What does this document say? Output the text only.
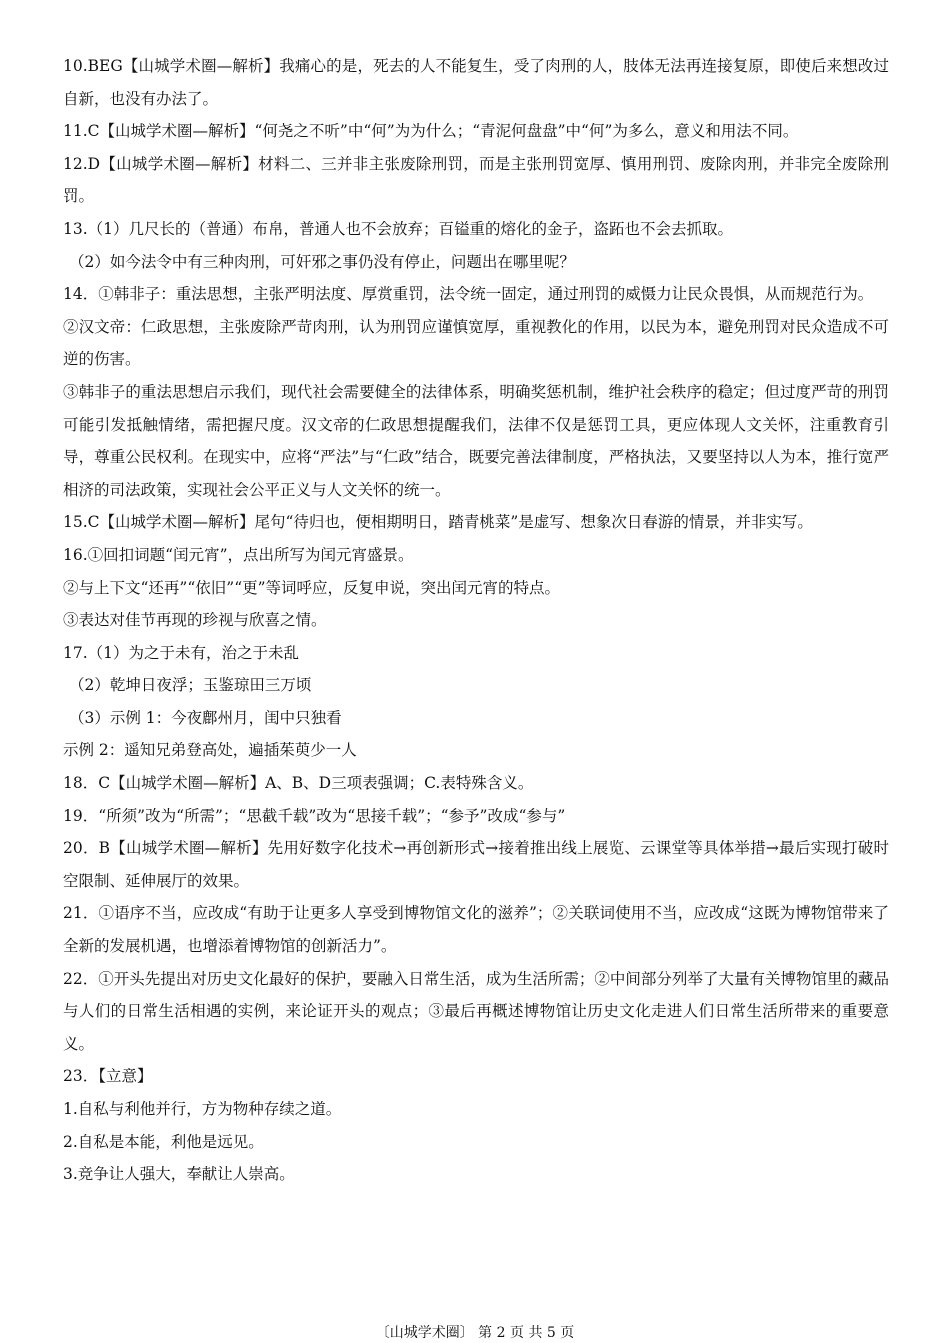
10.BEG【山城学术圈—解析】我痛心的是，死去的人不能复生，受了肉刑的人，肢体无法再连接复原，即使后来想改过自新，也没有办法了。

11.C【山城学术圈—解析】“何尧之不听”中“何”为为什么；“青泥何盘盘”中“何”为多么，意义和用法不同。

12.D【山城学术圈—解析】材料二、三并非主张废除刑罚，而是主张刑罚宽厚、慎用刑罚、废除肉刑，并非完全废除刑罚。

13.（1）几尺长的（普通）布帛，普通人也不会放弃；百镒重的熔化的金子，盗跖也不会去抓取。

（2）如今法令中有三种肉刑，可奸邪之事仍没有停止，问题出在哪里呢？

14．①韩非子：重法思想，主张严明法度、厚赏重罚，法令统一固定，通过刑罚的威慑力让民众畏惧，从而规范行为。

②汉文帝：仁政思想，主张废除严苛肉刑，认为刑罚应谨慎宽厚，重视教化的作用，以民为本，避免刑罚对民众造成不可逆的伤害。

③韩非子的重法思想启示我们，现代社会需要健全的法律体系，明确奖惩机制，维护社会秩序的稳定；但过度严苛的刑罚可能引发抵触情绪，需把握尺度。汉文帝的仁政思想提醒我们，法律不仅是惩罚工具，更应体现人文关怀，注重教育引导，尊重公民权利。在现实中，应将“严法”与“仁政”结合，既要完善法律制度，严格执法，又要坚持以人为本，推行宽严相济的司法政策，实现社会公平正义与人文关怀的统一。

15.C【山城学术圈—解析】尾句“待归也，便相期明日，踏青桃菜”是虚写、想象次日春游的情景，并非实写。

16.①回扣词题“闰元宵”，点出所写为闰元宵盛景。

②与上下文“还再”“依旧”“更”等词呼应，反复申说，突出闰元宵的特点。

③表达对佳节再现的珍视与欣喜之情。

17.（1）为之于未有，治之于未乱

（2）乾坤日夜浮；玉鉴琼田三万顷

（3）示例 1：今夜鄜州月，闺中只独看

示例 2：遥知兄弟登高处，遍插茱萸少一人

18．C【山城学术圈—解析】A、B、D三项表强调；C.表特殊含义。

19．“所须”改为“所需”；“思截千载”改为“思接千载”；“参予”改成“参与”

20．B【山城学术圈—解析】先用好数字化技术→再创新形式→接着推出线上展览、云课堂等具体举措→最后实现打破时空限制、延伸展厅的效果。

21．①语序不当，应改成“有助于让更多人享受到博物馆文化的滋养”；②关联词使用不当，应改成“这既为博物馆带来了全新的发展机遇，也增添着博物馆的创新活力”。

22．①开头先提出对历史文化最好的保护，要融入日常生活，成为生活所需；②中间部分列举了大量有关博物馆里的藏品与人们的日常生活相遇的实例，来论证开头的观点；③最后再概述博物馆让历史文化走进人们日常生活所带来的重要意义。

23．【立意】

1.自私与利他并行，方为物种存续之道。

2.自私是本能，利他是远见。

3.竞争让人强大，奉献让人崇高。

〔山城学术圈〕 第 2 页 共 5 页
